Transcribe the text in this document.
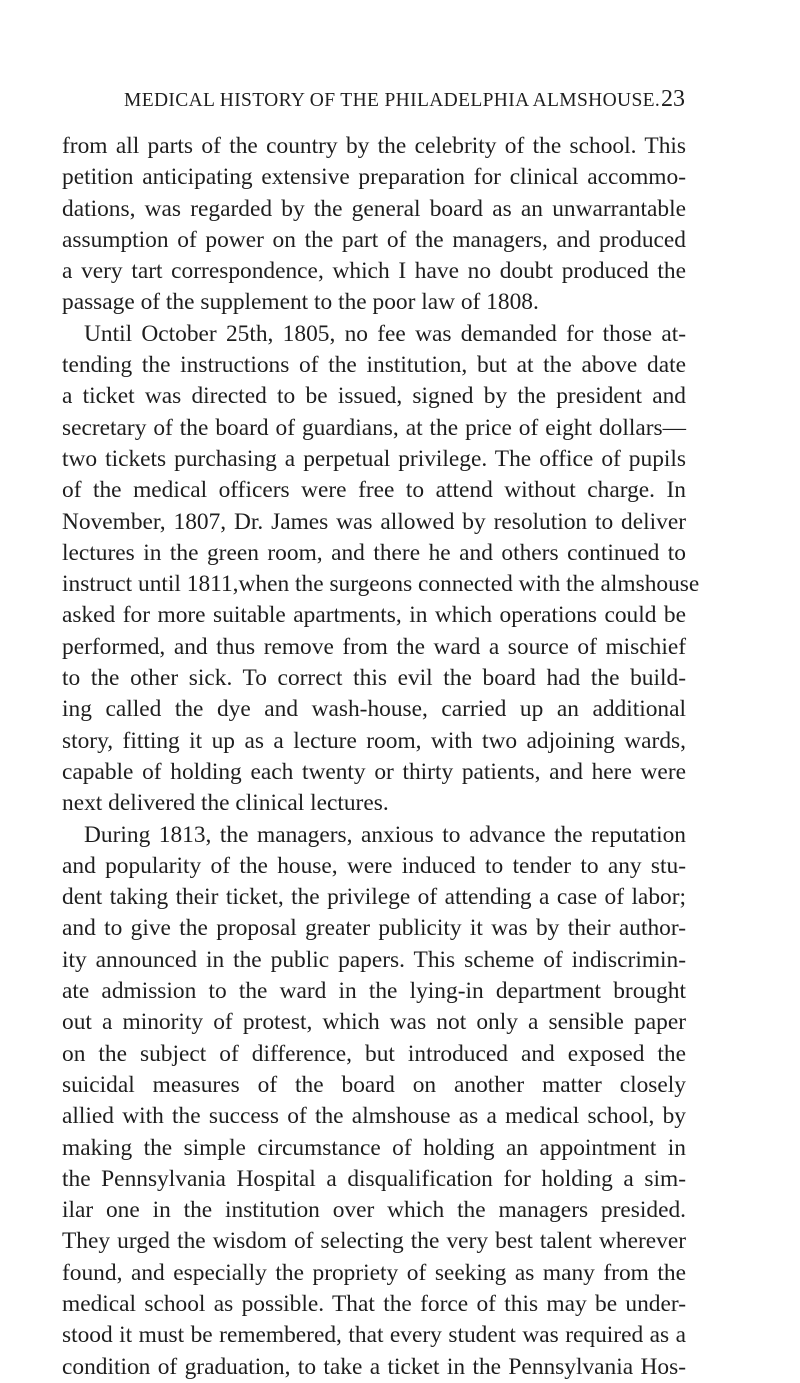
MEDICAL HISTORY OF THE PHILADELPHIA ALMSHOUSE. 23
from all parts of the country by the celebrity of the school. This
petition anticipating extensive preparation for clinical accommo-
dations, was regarded by the general board as an unwarrantable
assumption of power on the part of the managers, and produced
a very tart correspondence, which I have no doubt produced the
passage of the supplement to the poor law of 1808.
Until October 25th, 1805, no fee was demanded for those at-
tending the instructions of the institution, but at the above date
a ticket was directed to be issued, signed by the president and
secretary of the board of guardians, at the price of eight dollars—
two tickets purchasing a perpetual privilege. The office of pupils
of the medical officers were free to attend without charge. In
November, 1807, Dr. James was allowed by resolution to deliver
lectures in the green room, and there he and others continued to
instruct until 1811,when the surgeons connected with the almshouse
asked for more suitable apartments, in which operations could be
performed, and thus remove from the ward a source of mischief
to the other sick. To correct this evil the board had the build-
ing called the dye and wash-house, carried up an additional
story, fitting it up as a lecture room, with two adjoining wards,
capable of holding each twenty or thirty patients, and here were
next delivered the clinical lectures.
During 1813, the managers, anxious to advance the reputation
and popularity of the house, were induced to tender to any stu-
dent taking their ticket, the privilege of attending a case of labor;
and to give the proposal greater publicity it was by their author-
ity announced in the public papers. This scheme of indiscrimin-
ate admission to the ward in the lying-in department brought
out a minority of protest, which was not only a sensible paper
on the subject of difference, but introduced and exposed the
suicidal measures of the board on another matter closely
allied with the success of the almshouse as a medical school, by
making the simple circumstance of holding an appointment in
the Pennsylvania Hospital a disqualification for holding a sim-
ilar one in the institution over which the managers presided.
They urged the wisdom of selecting the very best talent wherever
found, and especially the propriety of seeking as many from the
medical school as possible. That the force of this may be under-
stood it must be remembered, that every student was required as a
condition of graduation, to take a ticket in the Pennsylvania Hos-
